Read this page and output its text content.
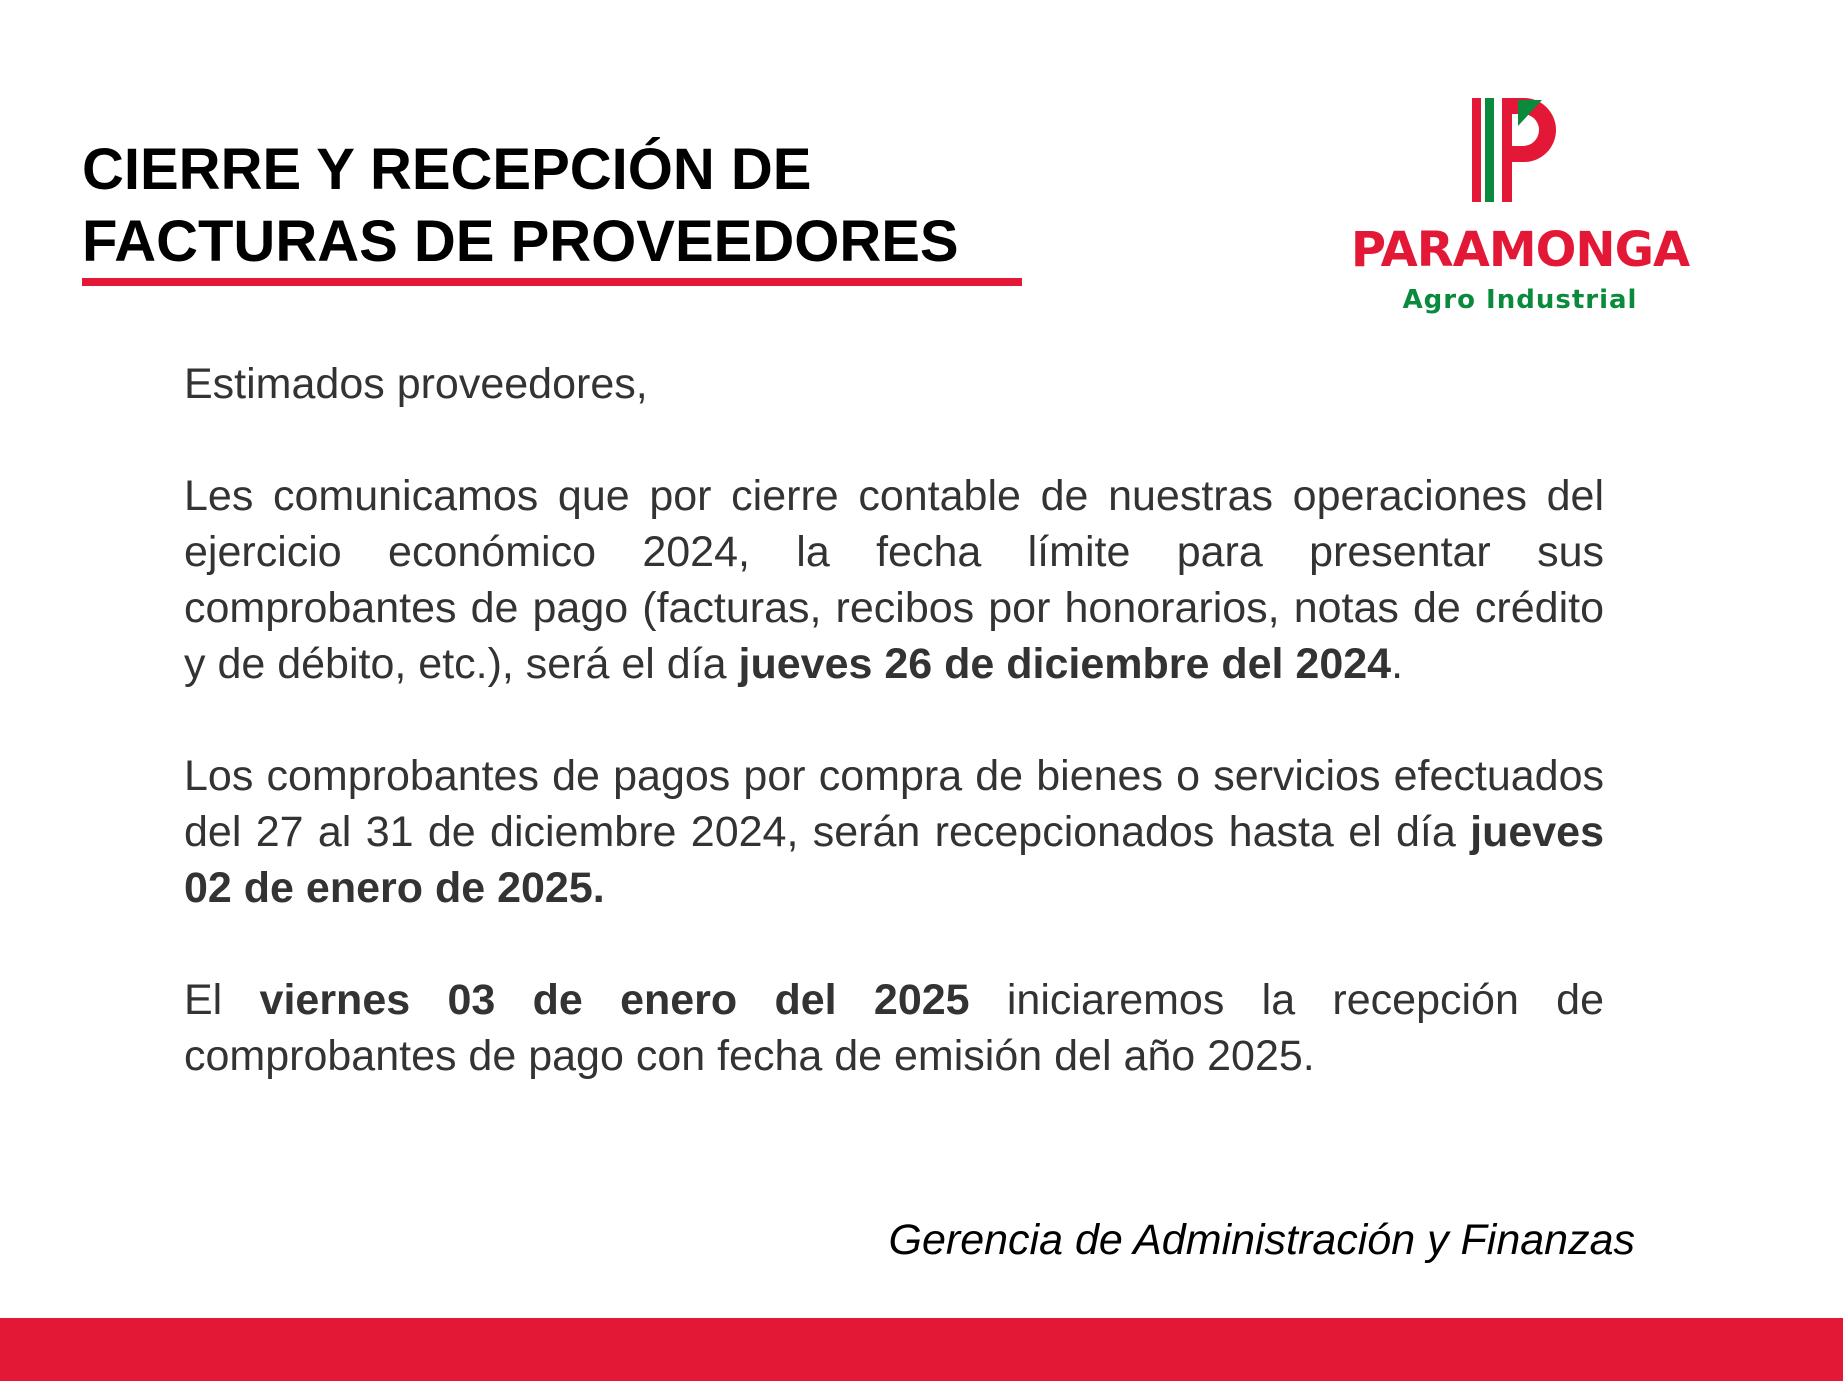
CIERRE Y RECEPCIÓN DE
FACTURAS DE PROVEEDORES	PARAMONGA
Agro Industrial

Estimados proveedores,

Les comunicamos que por cierre contable de nuestras operaciones del ejercicio económico 2024, la fecha límite para presentar sus comprobantes de pago (facturas, recibos por honorarios, notas de crédito y de débito, etc.), será el día jueves 26 de diciembre del 2024.

Los comprobantes de pagos por compra de bienes o servicios efectuados del 27 al 31 de diciembre 2024, serán recepcionados hasta el día jueves 02 de enero de 2025.

El viernes 03 de enero del 2025 iniciaremos la recepción de comprobantes de pago con fecha de emisión del año 2025.

Gerencia de Administración y Finanzas
